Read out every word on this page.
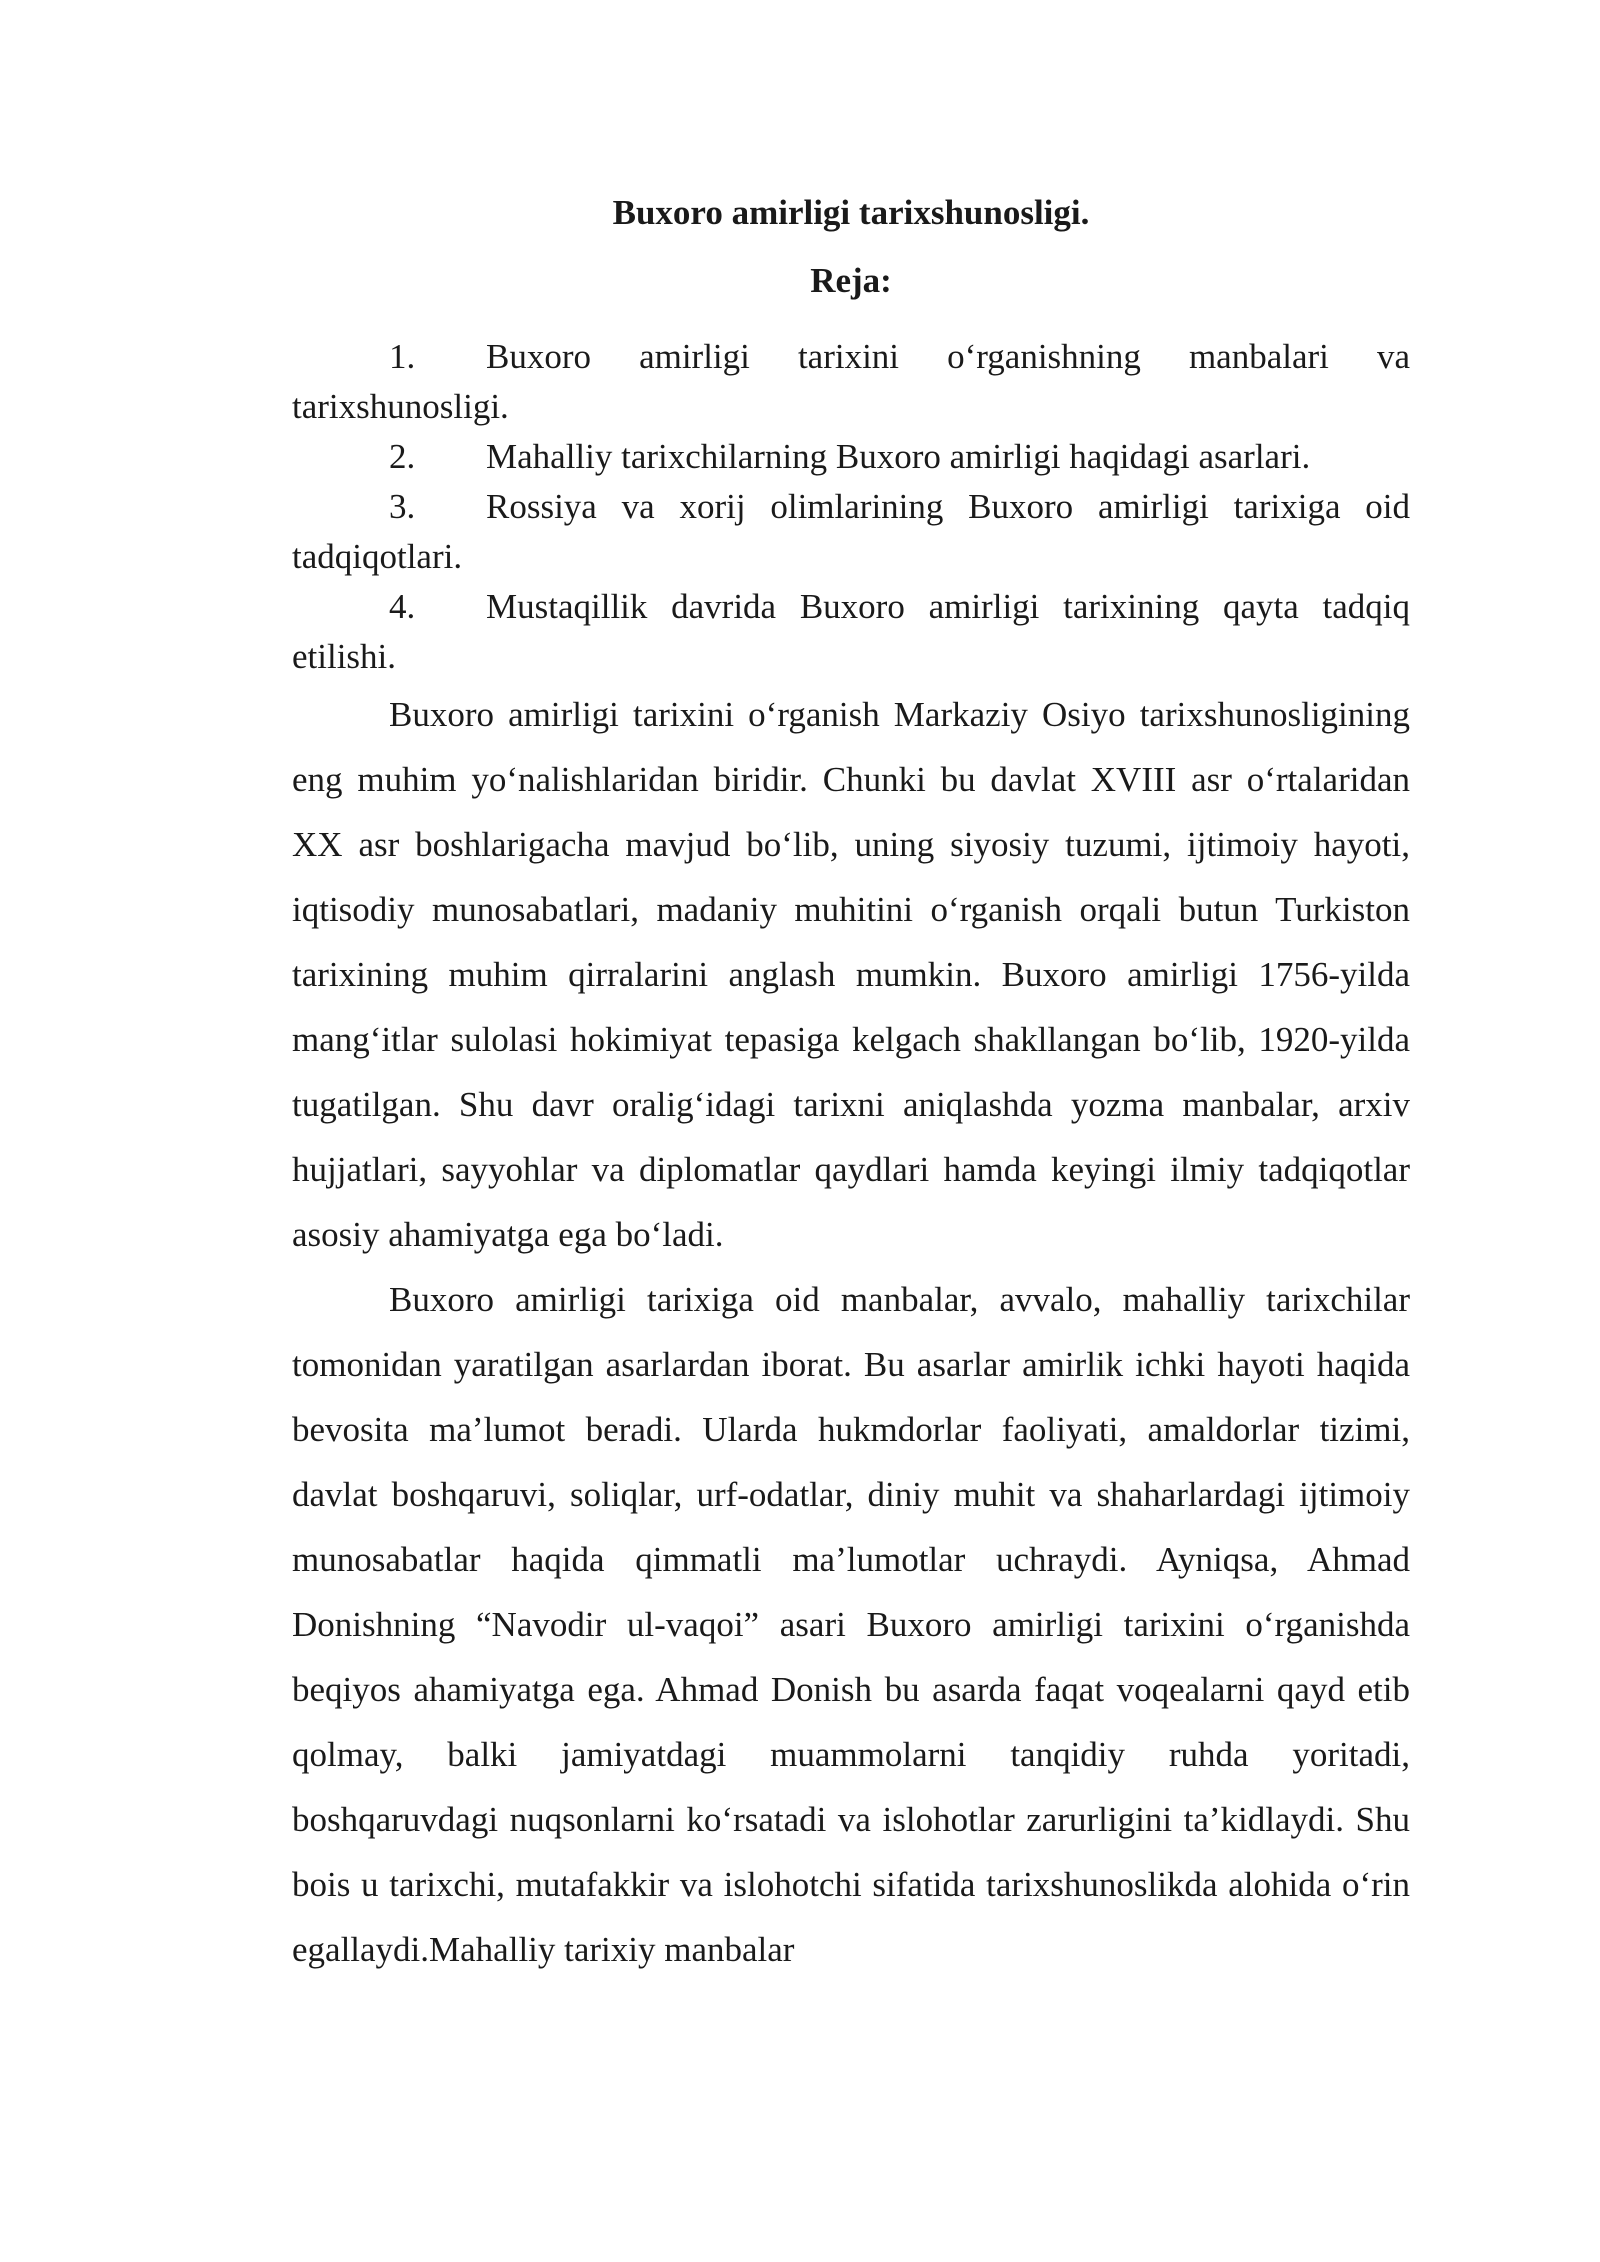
Buxoro amirligi tarixshunosligi.
Reja:
1. Buxoro amirligi tarixini o‘rganishning manbalari va tarixshunosligi.
2. Mahalliy tarixchilarning Buxoro amirligi haqidagi asarlari.
3. Rossiya va xorij olimlarining Buxoro amirligi tarixiga oid tadqiqotlari.
4. Mustaqillik davrida Buxoro amirligi tarixining qayta tadqiq etilishi.

Buxoro amirligi tarixini o‘rganish Markaziy Osiyo tarixshunosligining eng muhim yo‘nalishlaridan biridir. Chunki bu davlat XVIII asr o‘rtalaridan XX asr boshlarigacha mavjud bo‘lib, uning siyosiy tuzumi, ijtimoiy hayoti, iqtisodiy munosabatlari, madaniy muhitini o‘rganish orqali butun Turkiston tarixining muhim qirralarini anglash mumkin. Buxoro amirligi 1756-yilda mang‘itlar sulolasi hokimiyat tepasiga kelgach shakllangan bo‘lib, 1920-yilda tugatilgan. Shu davr oralig‘idagi tarixni aniqlashda yozma manbalar, arxiv hujjatlari, sayyohlar va diplomatlar qaydlari hamda keyingi ilmiy tadqiqotlar asosiy ahamiyatga ega bo‘ladi.

Buxoro amirligi tarixiga oid manbalar, avvalo, mahalliy tarixchilar tomonidan yaratilgan asarlardan iborat. Bu asarlar amirlik ichki hayoti haqida bevosita ma’lumot beradi. Ularda hukmdorlar faoliyati, amaldorlar tizimi, davlat boshqaruvi, soliqlar, urf-odatlar, diniy muhit va shaharlardagi ijtimoiy munosabatlar haqida qimmatli ma’lumotlar uchraydi. Ayniqsa, Ahmad Donishning “Navodir ul-vaqoi” asari Buxoro amirligi tarixini o‘rganishda beqiyos ahamiyatga ega. Ahmad Donish bu asarda faqat voqealarni qayd etib qolmay, balki jamiyatdagi muammolarni tanqidiy ruhda yoritadi, boshqaruvdagi nuqsonlarni ko‘rsatadi va islohotlar zarurligini ta’kidlaydi. Shu bois u tarixchi, mutafakkir va islohotchi sifatida tarixshunoslikda alohida o‘rin egallaydi.Mahalliy tarixiy manbalar
